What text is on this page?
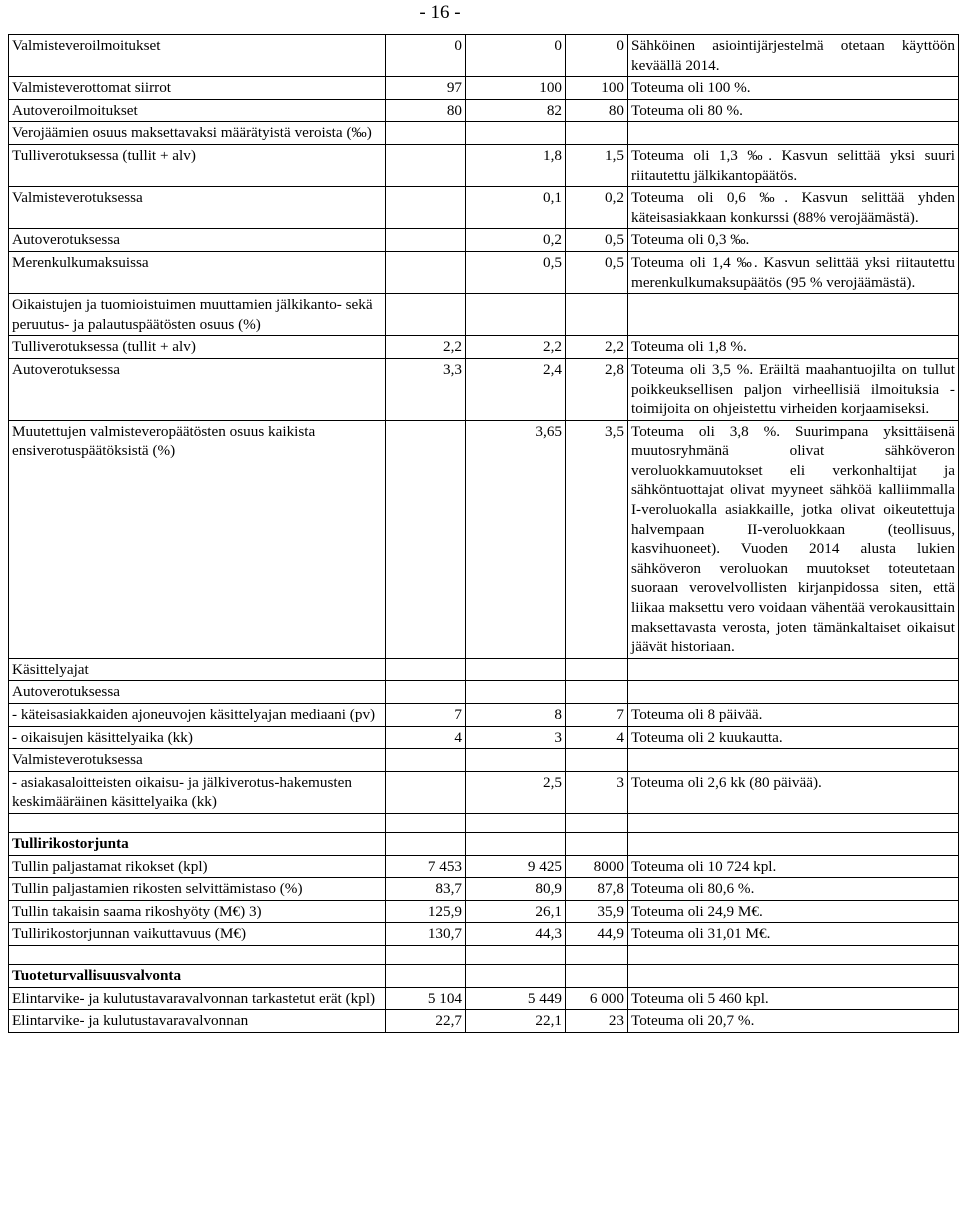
- 16 -
Valmisteveroilmoitukset	0	0	0	Sähköinen asiointijärjestelmä otetaan käyttöön keväällä 2014.
Valmisteverottomat siirrot	97	100	100	Toteuma oli 100 %.
Autoveroilmoitukset	80	82	80	Toteuma oli 80 %.
Verojäämien osuus maksettavaksi määrätyistä veroista (‰)				
Tulliverotuksessa (tullit + alv)		1,8	1,5	Toteuma oli 1,3 ‰. Kasvun selittää yksi suuri riitautettu jälkikantopäätös.
Valmisteverotuksessa		0,1	0,2	Toteuma oli 0,6 ‰. Kasvun selittää yhden käteisasiakkaan konkurssi (88% verojäämästä).
Autoverotuksessa		0,2	0,5	Toteuma oli 0,3 ‰.
Merenkulkumaksuissa		0,5	0,5	Toteuma oli 1,4 ‰. Kasvun selittää yksi riitautettu merenkulkumaksupäätös (95 % verojäämästä).
Oikaistujen ja tuomioistuimen muuttamien jälkikanto- sekä peruutus- ja palautuspäätösten osuus (%)				
Tulliverotuksessa (tullit + alv)	2,2	2,2	2,2	Toteuma oli 1,8 %.
Autoverotuksessa	3,3	2,4	2,8	Toteuma oli 3,5 %. Eräiltä maahantuojilta on tullut poikkeuksellisen paljon virheellisiä ilmoituksia - toimijoita on ohjeistettu virheiden korjaamiseksi.
Muutettujen valmisteveropäätösten osuus kaikista ensiverotuspäätöksistä (%)		3,65	3,5	Toteuma oli 3,8 %. Suurimpana yksittäisenä muutosryhmänä olivat sähköveron veroluokkamuutokset eli verkonhaltijat ja sähköntuottajat olivat myyneet sähköä kalliimmalla I-veroluokalla asiakkaille, jotka olivat oikeutettuja halvempaan II-veroluokkaan (teollisuus, kasvihuoneet). Vuoden 2014 alusta lukien sähköveron veroluokan muutokset toteutetaan suoraan verovelvollisten kirjanpidossa siten, että liikaa maksettu vero voidaan vähentää verokausittain maksettavasta verosta, joten tämänkaltaiset oikaisut jäävät historiaan.
Käsittelyajat				
Autoverotuksessa				
- käteisasiakkaiden ajoneuvojen käsittelyajan mediaani (pv)	7	8	7	Toteuma oli 8 päivää.
- oikaisujen käsittelyaika (kk)	4	3	4	Toteuma oli 2 kuukautta.
Valmisteverotuksessa				
- asiakasaloitteisten oikaisu- ja jälkiverotus-hakemusten keskimääräinen käsittelyaika (kk)		2,5	3	Toteuma oli 2,6 kk (80 päivää).

Tullirikostorjunta				
Tullin paljastamat rikokset (kpl)	7 453	9 425	8000	Toteuma oli 10 724 kpl.
Tullin paljastamien rikosten selvittämistaso (%)	83,7	80,9	87,8	Toteuma oli 80,6 %.
Tullin takaisin saama rikoshyöty (M€) 3)	125,9	26,1	35,9	Toteuma oli 24,9 M€.
Tullirikostorjunnan vaikuttavuus (M€)	130,7	44,3	44,9	Toteuma oli 31,01 M€.

Tuoteturvallisuusvalvonta				
Elintarvike- ja kulutustavaravalvonnan tarkastetut erät (kpl)	5 104	5 449	6 000	Toteuma oli 5 460 kpl.
Elintarvike- ja kulutustavaravalvonnan	22,7	22,1	23	Toteuma oli 20,7 %.
